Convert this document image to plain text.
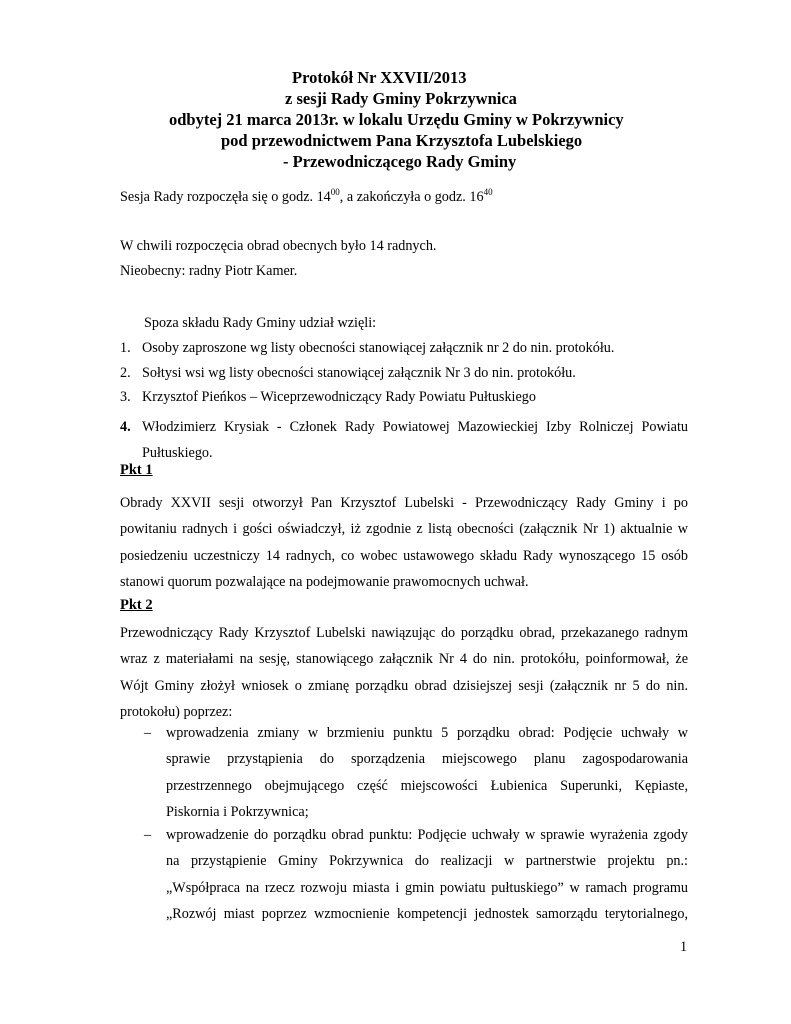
Protokół Nr XXVII/2013
z sesji Rady Gminy Pokrzywnica
odbytej 21 marca 2013r. w lokalu Urzędu Gminy w Pokrzywnicy
pod przewodnictwem Pana Krzysztofa Lubelskiego
- Przewodniczącego Rady Gminy
Sesja Rady rozpoczęła się o godz. $14^{00}$, a zakończyła o godz. $16^{40}$
W chwili rozpoczęcia obrad obecnych było 14 radnych.
Nieobecny: radny Piotr Kamer.
Spoza składu Rady Gminy udział wzięli:
1. Osoby zaproszone wg listy obecności stanowiącej załącznik nr 2 do nin. protokółu.
2. Sołtysi wsi wg listy obecności stanowiącej załącznik Nr 3 do nin. protokółu.
3. Krzysztof Pieńkos – Wiceprzewodniczący Rady Powiatu Pułtuskiego
4. Włodzimierz Krysiak - Członek Rady Powiatowej Mazowieckiej Izby Rolniczej Powiatu
Pułtuskiego.
Pkt 1
Obrady XXVII sesji otworzył Pan Krzysztof Lubelski - Przewodniczący Rady Gminy i po
powitaniu radnych i gości oświadczył, iż zgodnie z listą obecności (załącznik Nr 1) aktualnie w
posiedzeniu uczestniczy 14 radnych, co wobec ustawowego składu Rady wynoszącego 15 osób
stanowi quorum pozwalające na podejmowanie prawomocnych uchwał.
Pkt 2
Przewodniczący Rady Krzysztof Lubelski nawiązując do porządku obrad, przekazanego radnym
wraz z materiałami na sesję, stanowiącego załącznik Nr 4 do nin. protokółu, poinformował, że
Wójt Gminy złożył wniosek o zmianę porządku obrad dzisiejszej sesji (załącznik nr 5 do nin.
protokołu) poprzez:
– wprowadzenia zmiany w brzmieniu punktu 5 porządku obrad: Podjęcie uchwały w
sprawie przystąpienia do sporządzenia miejscowego planu zagospodarowania
przestrzennego obejmującego część miejscowości Łubienica Superunki, Kępiaste,
Piskornia i Pokrzywnica;
– wprowadzenie do porządku obrad punktu: Podjęcie uchwały w sprawie wyrażenia zgody
na przystąpienie Gminy Pokrzywnica do realizacji w partnerstwie projektu pn.:
„Współpraca na rzecz rozwoju miasta i gmin powiatu pułtuskiego” w ramach programu
„Rozwój miast poprzez wzmocnienie kompetencji jednostek samorządu terytorialnego,
1
